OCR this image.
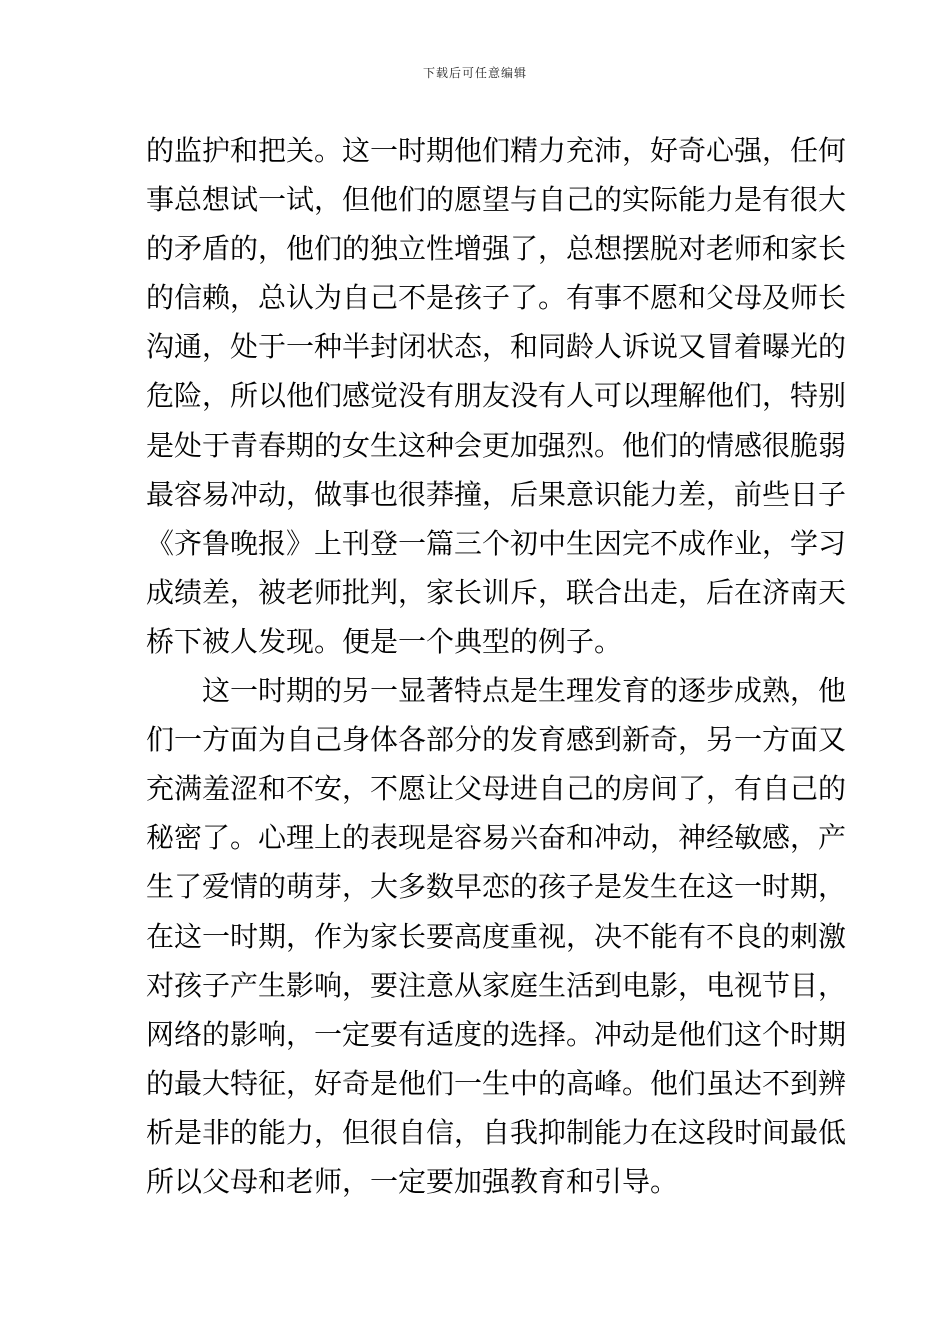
下载后可任意编辑
的监护和把关。这一时期他们精力充沛，好奇心强，任何
事总想试一试，但他们的愿望与自己的实际能力是有很大
的矛盾的，他们的独立性增强了，总想摆脱对老师和家长
的信赖，总认为自己不是孩子了。有事不愿和父母及师长
沟通，处于一种半封闭状态，和同龄人诉说又冒着曝光的
危险，所以他们感觉没有朋友没有人可以理解他们，特别
是处于青春期的女生这种会更加强烈。他们的情感很脆弱
最容易冲动，做事也很莽撞，后果意识能力差，前些日子
《齐鲁晚报》上刊登一篇三个初中生因完不成作业，学习
成绩差，被老师批判，家长训斥，联合出走，后在济南天
桥下被人发现。便是一个典型的例子。
　　这一时期的另一显著特点是生理发育的逐步成熟，他
们一方面为自己身体各部分的发育感到新奇，另一方面又
充满羞涩和不安，不愿让父母进自己的房间了，有自己的
秘密了。心理上的表现是容易兴奋和冲动，神经敏感，产
生了爱情的萌芽，大多数早恋的孩子是发生在这一时期，
在这一时期，作为家长要高度重视，决不能有不良的刺激
对孩子产生影响，要注意从家庭生活到电影，电视节目，
网络的影响，一定要有适度的选择。冲动是他们这个时期
的最大特征，好奇是他们一生中的高峰。他们虽达不到辨
析是非的能力，但很自信，自我抑制能力在这段时间最低
所以父母和老师，一定要加强教育和引导。
